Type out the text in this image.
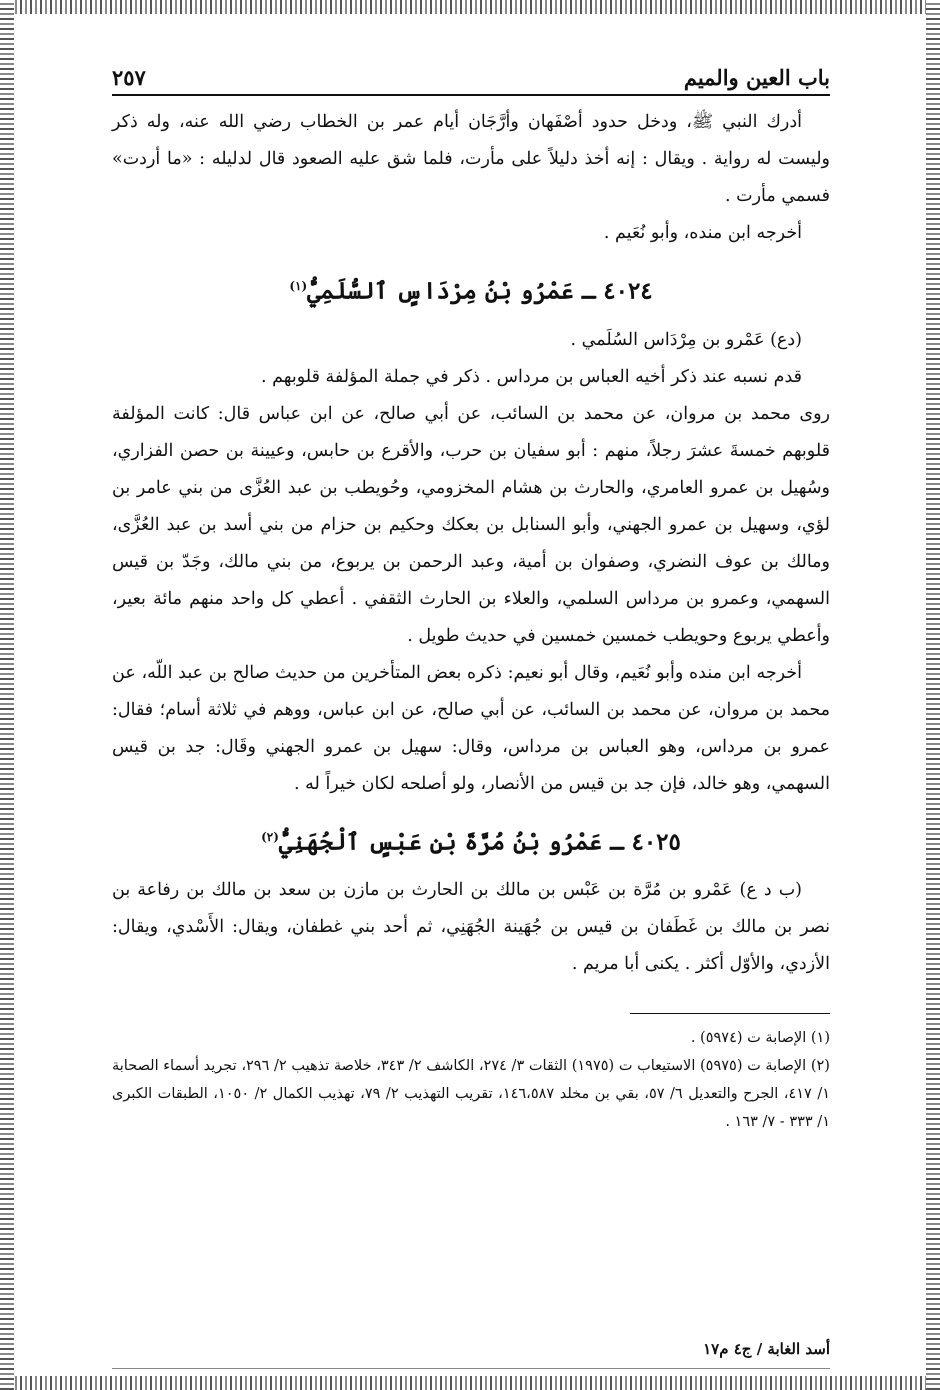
باب العين والميم
٢٥٧

أدرك النبي ﷺ، ودخل حدود أصْفَهان وأرَّجَان أيام عمر بن الخطاب رضي الله عنه، وله ذكر وليست له رواية . ويقال : إنه أخذ دليلاً على مأرت، فلما شق عليه الصعود قال لدليله : «ما أردت» فسمي مأرت .

أخرجه ابن منده، وأبو نُعَيم .

٤٠٢٤ ـ عَمْرُو بْنُ مِرْدَاسٍ ٱلسُّلَمِيُّ$^{(١)}$

(دع) عَمْرو بن مِرْدَاس السُلَمي .

قدم نسبه عند ذكر أخيه العباس بن مرداس . ذكر في جملة المؤلفة قلوبهم .

روى محمد بن مروان، عن محمد بن السائب، عن أبي صالح، عن ابن عباس قال: كانت المؤلفة قلوبهم خمسةَ عشرَ رجلاً، منهم : أبو سفيان بن حرب، والأقرع بن حابس، وعيينة بن حصن الفزاري، وسُهيل بن عمرو العامري، والحارث بن هشام المخزومي، وحُويطب بن عبد العُزَّى من بني عامر بن لؤي، وسهيل بن عمرو الجهني، وأبو السنابل بن بعكك وحكيم بن حزام من بني أسد بن عبد العُزَّى، ومالك بن عوف النضري، وصفوان بن أمية، وعبد الرحمن بن يربوع، من بني مالك، وجَدّ بن قيس السهمي، وعمرو بن مرداس السلمي، والعلاء بن الحارث الثقفي . أعطي كل واحد منهم مائة بعير، وأعطي يربوع وحويطب خمسين خمسين في حديث طويل .

أخرجه ابن منده وأبو نُعَيم، وقال أبو نعيم: ذكره بعض المتأخرين من حديث صالح بن عبد اللّه، عن محمد بن مروان، عن محمد بن السائب، عن أبي صالح، عن ابن عباس، ووهم في ثلاثة أسام؛ فقال: عمرو بن مرداس، وهو العباس بن مرداس، وقال: سهيل بن عمرو الجهني وقَال: جد بن قيس السهمي، وهو خالد، فإن جد بن قيس من الأنصار، ولو أصلحه لكان خيراً له .

٤٠٢٥ ـ عَمْرُو بْنُ مُرَّةَ بْنِ عَبْسٍ ٱلْجُهَنِيُّ$^{(٢)}$

(ب د ع) عَمْرو بن مُرَّة بن عَبْس بن مالك بن الحارث بن مازن بن سعد بن مالك بن رفاعة بن نصر بن مالك بن غَطَفان بن قيس بن جُهَينة الجُهَنِي، ثم أحد بني غطفان، ويقال: الأَسْدي، ويقال: الأزدي، والأوّل أكثر . يكنى أبا مريم .

(١) الإصابة ت (٥٩٧٤) .

(٢) الإصابة ت (٥٩٧٥) الاستيعاب ت (١٩٧٥) الثقات ٣/ ٢٧٤، الكاشف ٢/ ٣٤٣، خلاصة تذهيب ٢/ ٢٩٦، تجريد أسماء الصحابة ١/ ٤١٧، الجرح والتعديل ٦/ ٥٧، بقي بن مخلد ١٤٦،٥٨٧، تقريب التهذيب ٢/ ٧٩، تهذيب الكمال ٢/ ١٠٥٠، الطبقات الكبرى ١/ ٣٣٣ - ٧/ ١٦٣ .

أسد الغابة / ج٤ م١٧
